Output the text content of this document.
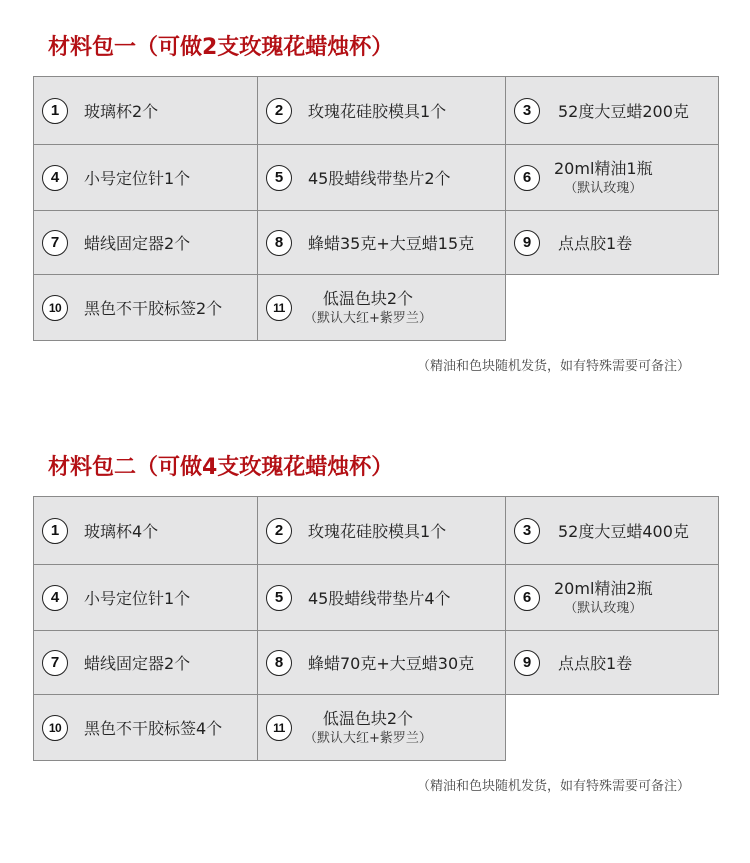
材料包一（可做2支玫瑰花蜡烛杯）
1	玻璃杯2个	2	玫瑰花硅胶模具1个	3	52度大豆蜡200克
4	小号定位针1个	5	45股蜡线带垫片2个	6	20ml精油1瓶
（默认玫瑰）
7	蜡线固定器2个	8	蜂蜡35克+大豆蜡15克	9	点点胶1卷
10	黑色不干胶标签2个	11	低温色块2个
（默认大红+紫罗兰）
（精油和色块随机发货，如有特殊需要可备注）
材料包二（可做4支玫瑰花蜡烛杯）
1	玻璃杯4个	2	玫瑰花硅胶模具1个	3	52度大豆蜡400克
4	小号定位针1个	5	45股蜡线带垫片4个	6	20ml精油2瓶
（默认玫瑰）
7	蜡线固定器2个	8	蜂蜡70克+大豆蜡30克	9	点点胶1卷
10	黑色不干胶标签4个	11	低温色块2个
（默认大红+紫罗兰）
（精油和色块随机发货，如有特殊需要可备注）
